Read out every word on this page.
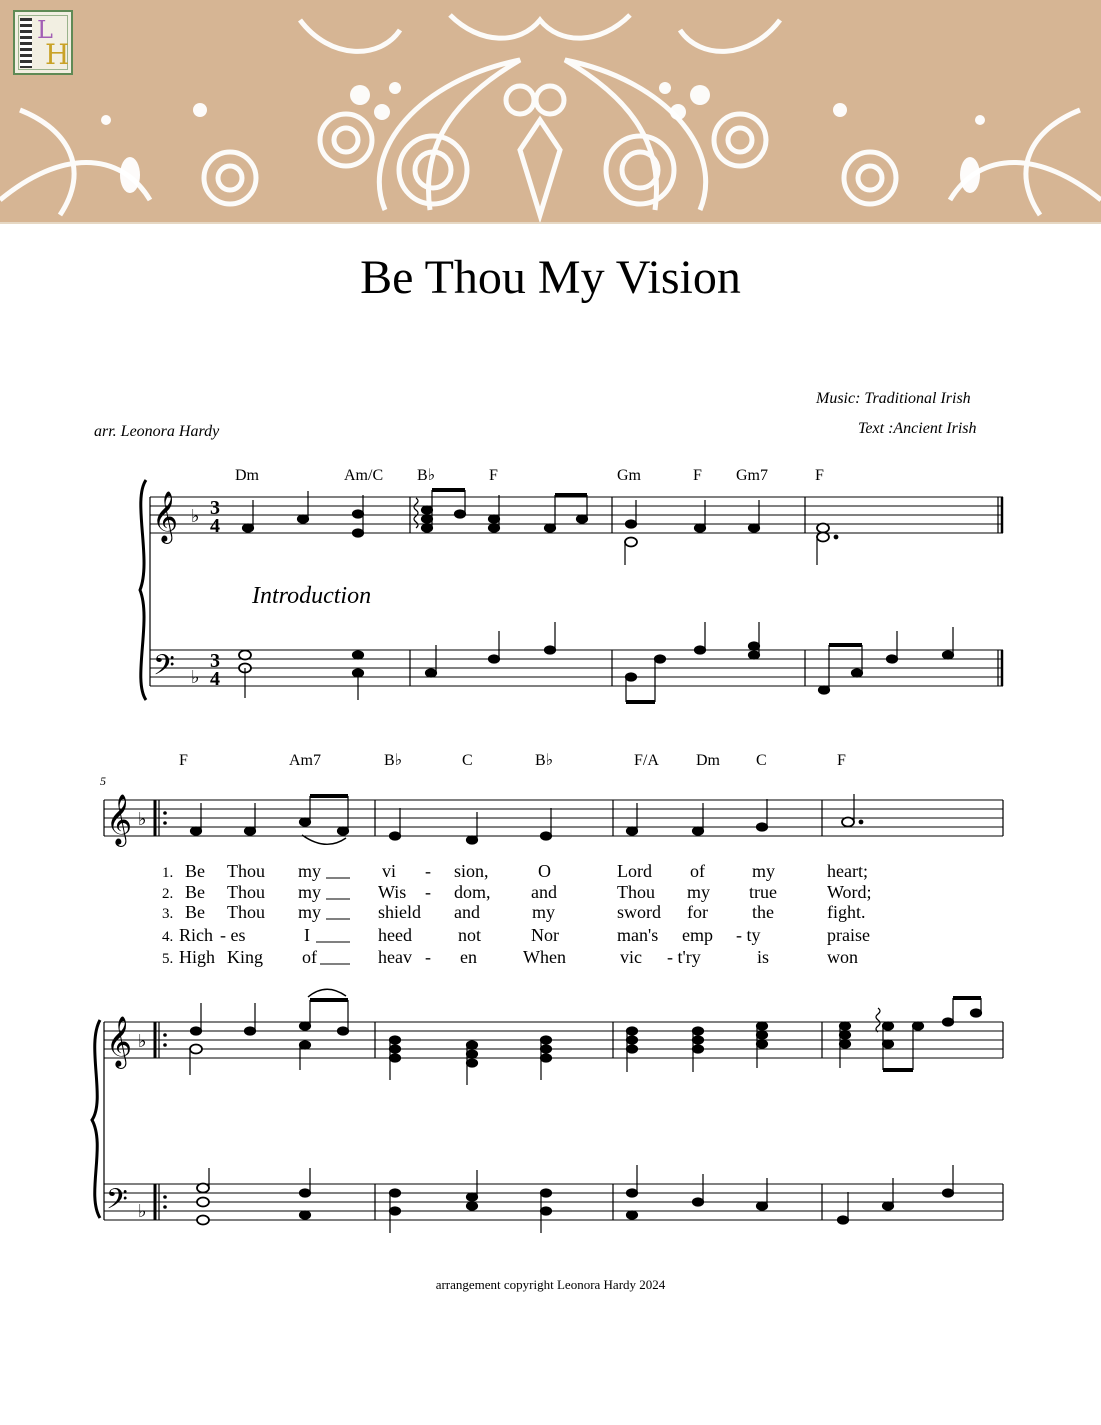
L
H
Be Thou My Vision
Music: Traditional Irish
Text :Ancient Irish
arr. Leonora Hardy
𝄞
𝄢
♭
♭
3
4
3
4
Dm	Am/C B♭	F	Gm	F Gm7	F
Introduction
5
F	Am7	B♭	C	B♭	F/A Dm C	F
𝄞 ♭
1. Be Thou my	vi - sion,	O	Lord of	my	heart;
2. Be Thou my	Wis - dom, and	Thou my true	Word;
3. Be Thou my	shield and	my	sword for the	fight.
4. Rich - es	I	heed	not	Nor	man's emp - ty	praise
5. High King of	heav - en	When	vic - t'ry	is	won
𝄞
𝄢
♭
♭
arrangement copyright Leonora Hardy 2024
